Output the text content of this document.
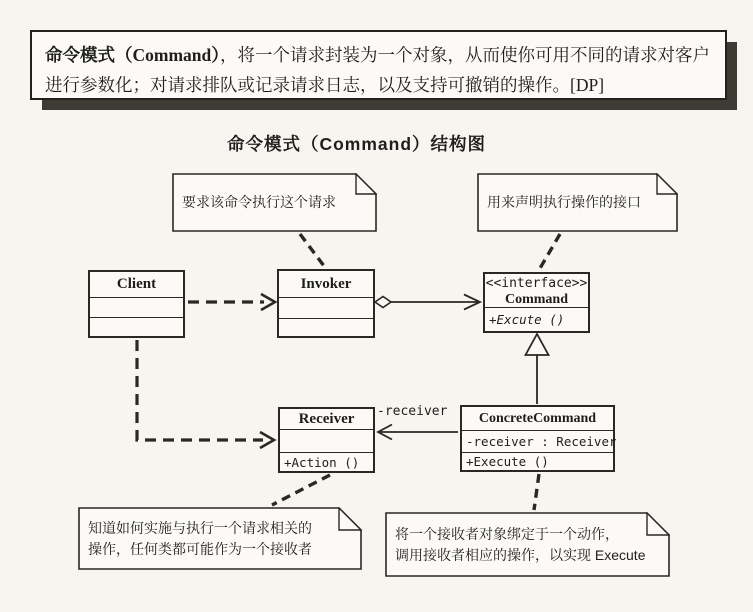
命令模式（Command），将一个请求封装为一个对象，从而使你可用不同的请求对客户进行参数化；对请求排队或记录请求日志，以及支持可撤销的操作。[DP]
命令模式（Command）结构图
要求该命令执行这个请求	用来声明执行操作的接口
知道如何实施与执行一个请求相关的
操作，任何类都可能作为一个接收者
将一个接收者对象绑定于一个动作，
调用接收者相应的操作，以实现 Execute
Client	Invoker	<<interface>>
Command
+Excute ()
Receiver
+Action ()
ConcreteCommand
-receiver : Receiver
+Execute ()
-receiver
